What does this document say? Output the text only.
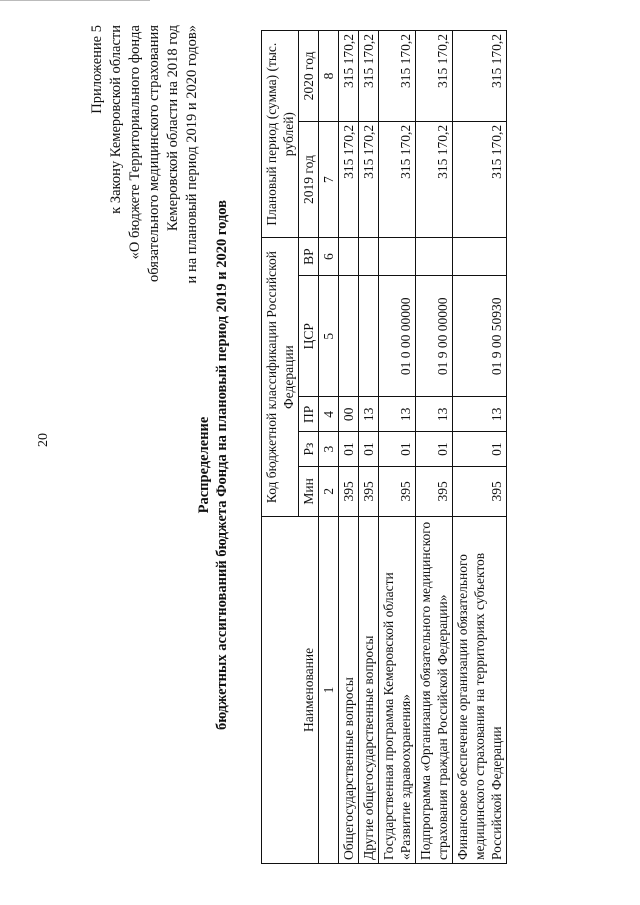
20
Приложение 5 к Закону Кемеровской области «О бюджете Территориального фонда обязательного медицинского страхования Кемеровской области на 2018 год и на плановый период 2019 и 2020 годов»
Распределение бюджетных ассигнований бюджета Фонда на плановый период 2019 и 2020 годов	Наименование	Код бюджетной классификации Российской Федерации					Плановый период (сумма) (тыс. рублей)	
	Мин	Рз	ПР	ЦСР	ВР	2019 год	2020 год
1	2	3	4	5	6	7	8
Общегосударственные вопросы	395	01	00			315 170,2	315 170,2
Другие общегосударственные вопросы	395	01	13			315 170,2	315 170,2
Государственная программа Кемеровской области «Развитие здравоохранения»	395	01	13	01 0 00 00000		315 170,2	315 170,2
Подпрограмма «Организация обязательного медицинского страхования граждан Российской Федерации»	395	01	13	01 9 00 00000		315 170,2	315 170,2
Финансовое обеспечение организации обязательного медицинского страхования на территориях субъектов Российской Федерации	395	01	13	01 9 00 50930		315 170,2	315 170,2
